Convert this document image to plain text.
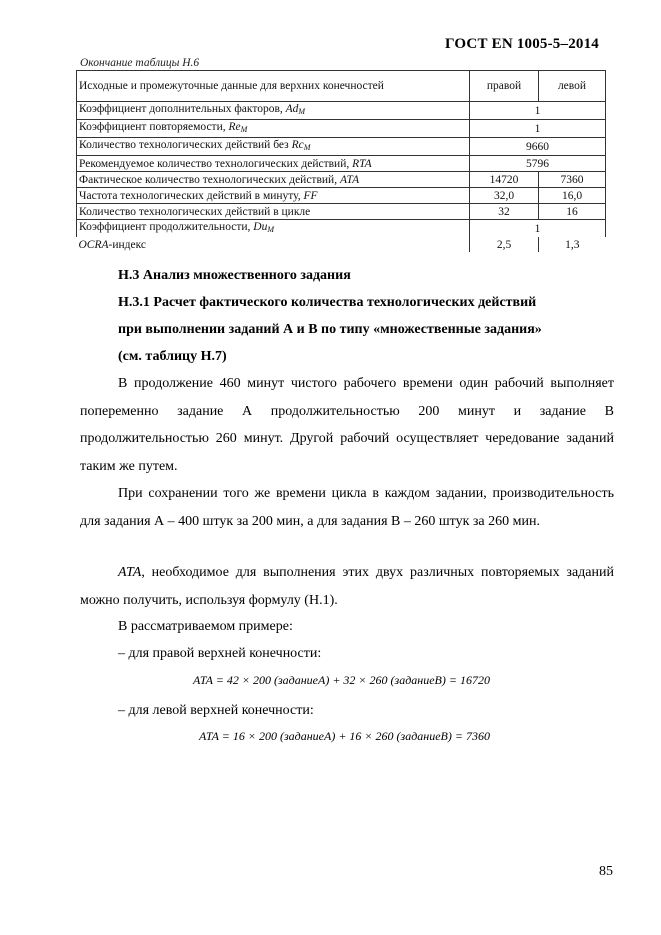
ГОСТ EN 1005-5–2014
Окончание таблицы Н.6
Исходные и промежуточные данные для верхних конечностей	правой	левой
Коэффициент дополнительных факторов, $Ad_M$	1	
Коэффициент повторяемости, $Re_M$	1	
Количество технологических действий без $Rc_M$	9660	
Рекомендуемое количество технологических действий, RTA	5796	
Фактическое количество технологических действий, ATA	14720	7360
Частота технологических действий в минуту, FF	32,0	16,0
Количество технологических действий в цикле	32	16
Коэффициент продолжительности, $Du_M$	1	
OCRA-индекс	2,5	1,3
Н.3 Анализ множественного задания
Н.3.1 Расчет фактического количества технологических действий
при выполнении заданий А и В по типу «множественные задания»
(см. таблицу Н.7)
В продолжение 460 минут чистого рабочего времени один рабочий выполняет попеременно задание А продолжительностью 200 минут и задание В продолжительностью 260 минут. Другой рабочий осуществляет чередование заданий таким же путем.
При сохранении того же времени цикла в каждом задании, производительность для задания А – 400 штук за 200 мин, а для задания В – 260 штук за 260 мин.
ATA, необходимое для выполнения этих двух различных повторяемых заданий можно получить, используя формулу (Н.1).
В рассматриваемом примере:
– для правой верхней конечности:
ATA = 42 × 200 (заданиеA) + 32 × 260 (заданиеB) = 16720
– для левой верхней конечности:
ATA = 16 × 200 (заданиеA) + 16 × 260 (заданиеB) = 7360
85
